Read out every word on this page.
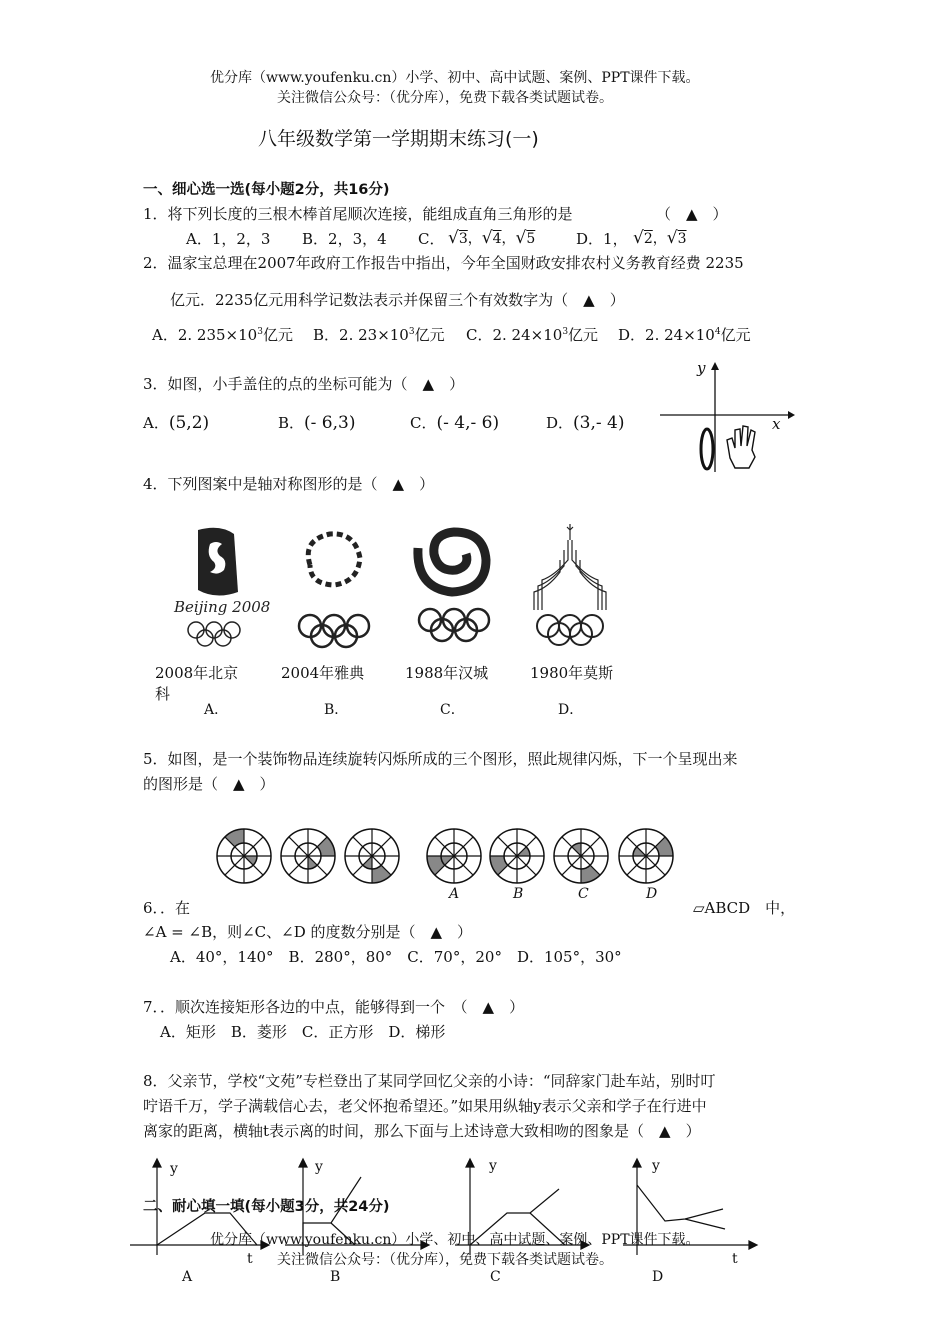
优分库（www.youfenku.cn）小学、初中、高中试题、案例、PPT课件下载。
关注微信公众号：（优分库），免费下载各类试题试卷。
八年级数学第一学期期末练习(一)
一、细心选一选(每小题2分，共16分)
1．将下列长度的三根木棒首尾顺次连接，能组成直角三角形的是	（　▲　）
A．1，2，3 B．2，3，4 C． √3，√4，√5	D．1， √2，√3
2．温家宝总理在2007年政府工作报告中指出，今年全国财政安排农村义务教育经费 2235
亿元．2235亿元用科学记数法表示并保留三个有效数字为（　▲　）
A．2. $235\times 10^3$亿元 B．2. $23\times 10^3$亿元 C．2. $24\times 10^3$亿元 D．2. $24\times 10^4$亿元
3．如图，小手盖住的点的坐标可能为（　▲　）
A．(5,2)	B．(- 6,3)	C．(- 4,- 6)	D．(3,- 4)
y
x
4．下列图案中是轴对称图形的是（　▲　）
Beijing 2008
2008年北京
科
2004年雅典	1988年汉城	1980年莫斯
A．	B．	C．	D．
5．如图，是一个装饰物品连续旋转闪烁所成的三个图形，照此规律闪烁，下一个呈现出来
的图形是（　▲　）
A	B	C	D
6．．在	▱ABCD　中，
∠A = ∠B，则∠C、∠D 的度数分别是（　▲　）
A．40°，140°　B．280°，80°　C．70°，20°　D．105°，30°
7．．顺次连接矩形各边的中点，能够得到一个　（　▲　）
A．矩形　B．菱形　C．正方形　D．梯形
8．父亲节，学校“文苑”专栏登出了某同学回忆父亲的小诗：“同辞家门赴车站，别时叮
咛语千万，学子满载信心去，老父怀抱希望还。”如果用纵轴y表示父亲和学子在行进中
离家的距离，横轴t表示离的时间，那么下面与上述诗意大致相吻的图象是（　▲　）
y	y	y	y
t	t
A	B	C	D
二、耐心填一填(每小题3分，共24分)
优分库（www.youfenku.cn）小学、初中、高中试题、案例、PPT课件下载。
关注微信公众号：（优分库），免费下载各类试题试卷。
